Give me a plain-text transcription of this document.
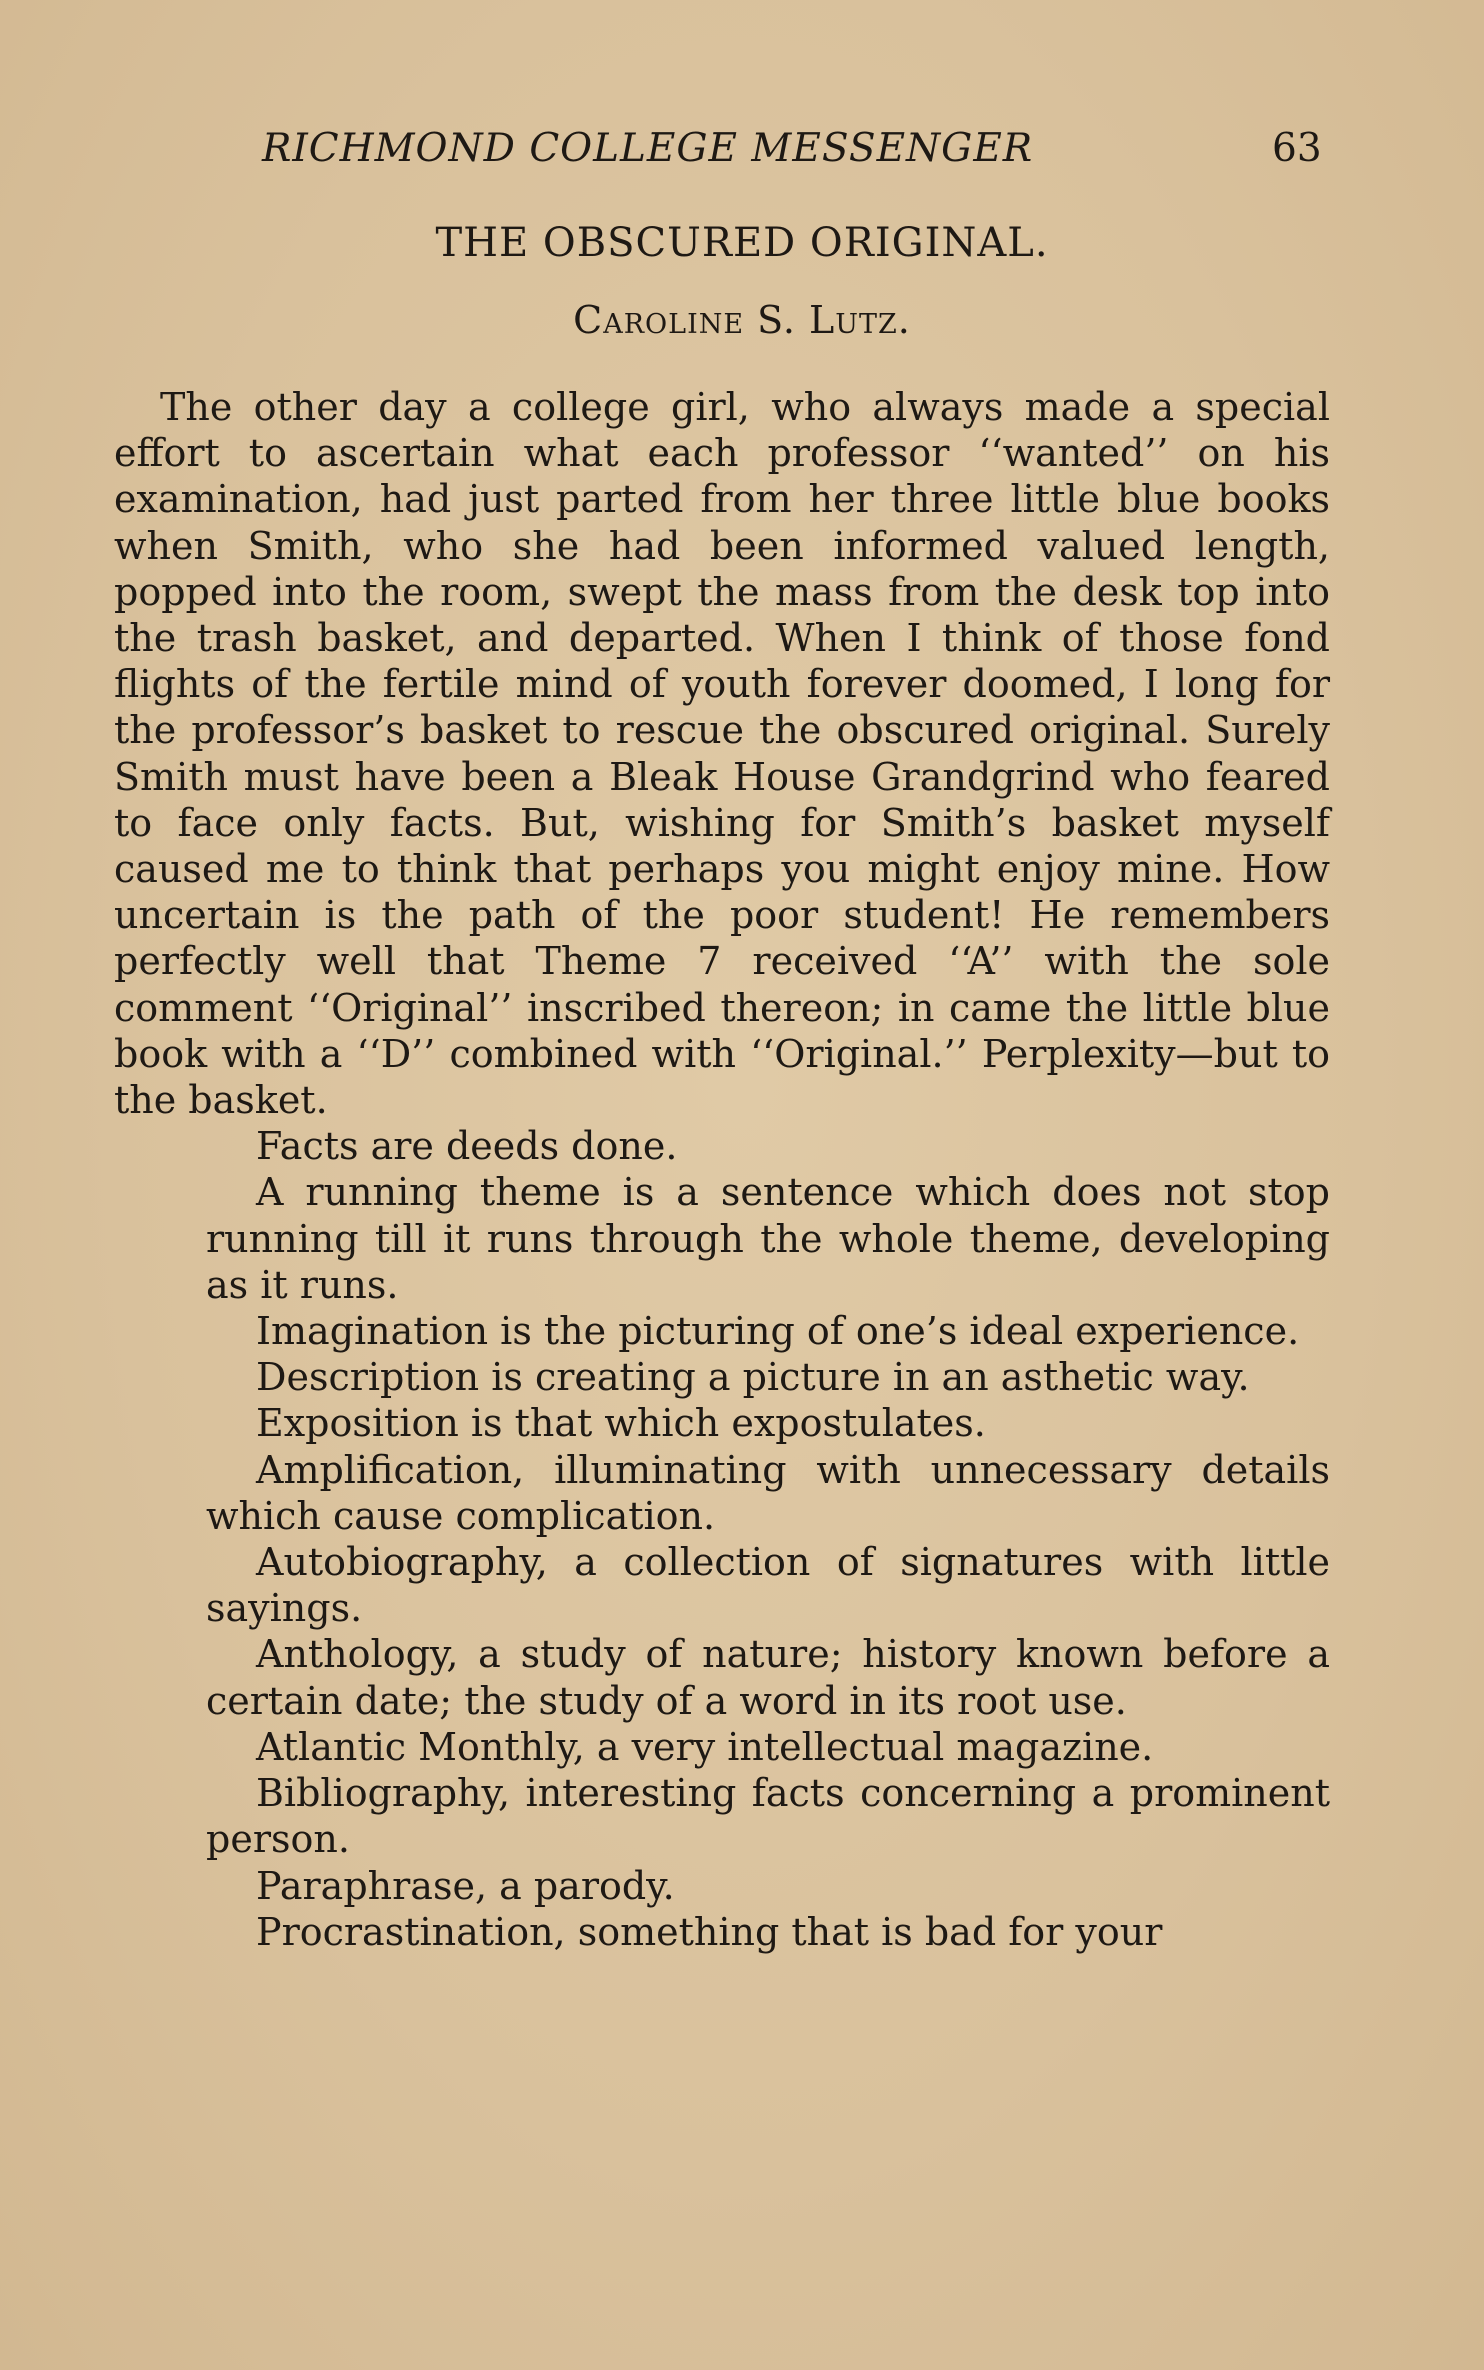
RICHMOND COLLEGE MESSENGER	63
THE OBSCURED ORIGINAL.
Caroline S. Lutz.

The other day a college girl, who always made a special effort to ascertain what each professor ‘‘wanted’’ on his examination, had just parted from her three little blue books when Smith, who she had been informed valued length, popped into the room, swept the mass from the desk top into the trash basket, and departed. When I think of those fond flights of the fertile mind of youth forever doomed, I long for the professor’s basket to rescue the obscured original. Surely Smith must have been a Bleak House Grandgrind who feared to face only facts. But, wishing for Smith’s basket myself caused me to think that perhaps you might enjoy mine. How uncertain is the path of the poor student! He remembers perfectly well that Theme 7 received ‘‘A’’ with the sole comment ‘‘Original’’ inscribed thereon; in came the little blue book with a ‘‘D’’ combined with ‘‘Original.’’ Perplexity—but to the basket.

Facts are deeds done.

A running theme is a sentence which does not stop running till it runs through the whole theme, developing as it runs.

Imagination is the picturing of one’s ideal experience.

Description is creating a picture in an asthetic way.

Exposition is that which expostulates.

Amplification, illuminating with unnecessary details which cause complication.

Autobiography, a collection of signatures with little sayings.

Anthology, a study of nature; history known before a certain date; the study of a word in its root use.

Atlantic Monthly, a very intellectual magazine.

Bibliography, interesting facts concerning a prominent person.

Paraphrase, a parody.

Procrastination, something that is bad for your
